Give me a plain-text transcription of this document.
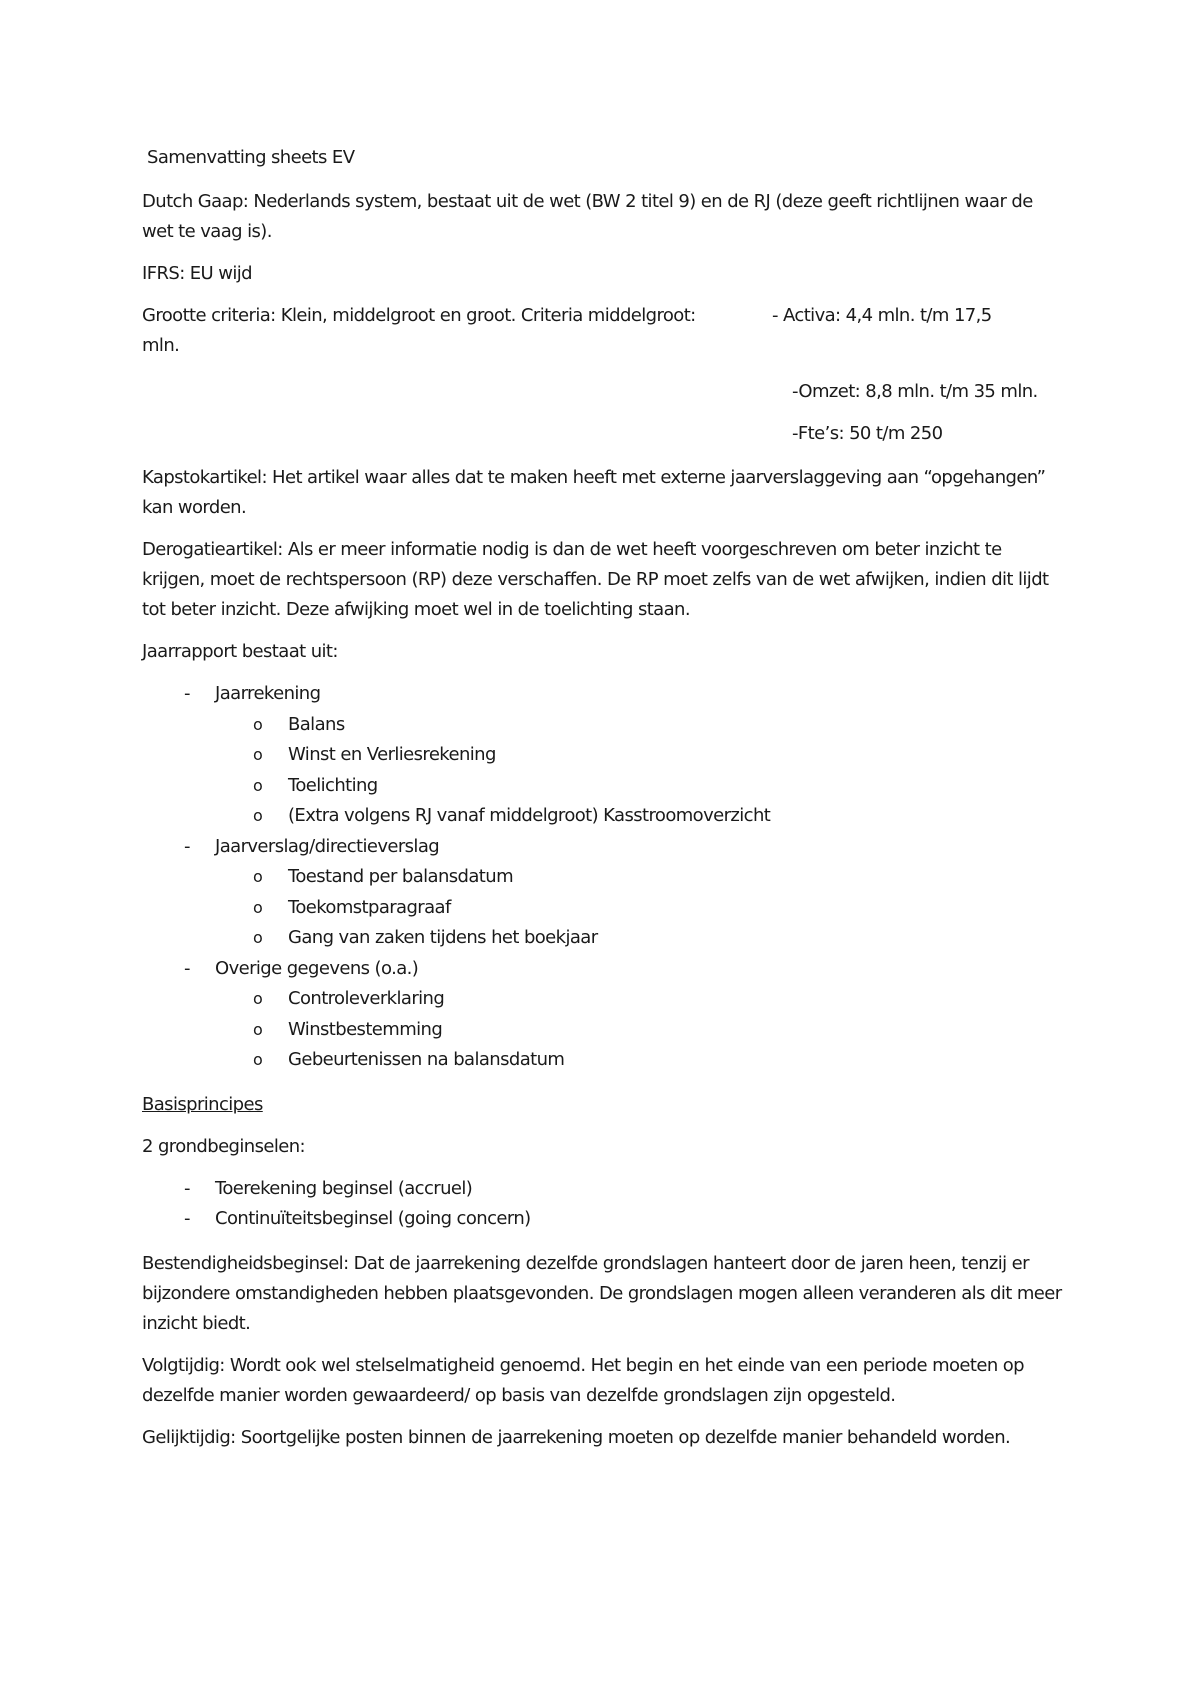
Samenvatting sheets EV

Dutch Gaap: Nederlands system, bestaat uit de wet (BW 2 titel 9) en de RJ (deze geeft richtlijnen waar de wet te vaag is).

IFRS: EU wijd

Grootte criteria: Klein, middelgroot en groot. Criteria middelgroot:

mln.

- Activa: 4,4 mln. t/m 17,5

-Omzet: 8,8 mln. t/m 35 mln.

-Fte’s: 50 t/m 250

Kapstokartikel: Het artikel waar alles dat te maken heeft met externe jaarverslaggeving aan “opgehangen” kan worden.

Derogatieartikel: Als er meer informatie nodig is dan de wet heeft voorgeschreven om beter inzicht te krijgen, moet de rechtspersoon (RP) deze verschaffen. De RP moet zelfs van de wet afwijken, indien dit lijdt tot beter inzicht. Deze afwijking moet wel in de toelichting staan.

Jaarrapport bestaat uit:

- Jaarrekening
o Balans
o Winst en Verliesrekening
o Toelichting
o (Extra volgens RJ vanaf middelgroot) Kasstroomoverzicht
- Jaarverslag/directieverslag
o Toestand per balansdatum
o Toekomstparagraaf
o Gang van zaken tijdens het boekjaar
- Overige gegevens (o.a.)
o Controleverklaring
o Winstbestemming
o Gebeurtenissen na balansdatum

Basisprincipes

2 grondbeginselen:

- Toerekening beginsel (accruel)
- Continuïteitsbeginsel (going concern)

Bestendigheidsbeginsel: Dat de jaarrekening dezelfde grondslagen hanteert door de jaren heen, tenzij er bijzondere omstandigheden hebben plaatsgevonden. De grondslagen mogen alleen veranderen als dit meer inzicht biedt.

Volgtijdig: Wordt ook wel stelselmatigheid genoemd. Het begin en het einde van een periode moeten op dezelfde manier worden gewaardeerd/ op basis van dezelfde grondslagen zijn opgesteld.

Gelijktijdig: Soortgelijke posten binnen de jaarrekening moeten op dezelfde manier behandeld worden.
